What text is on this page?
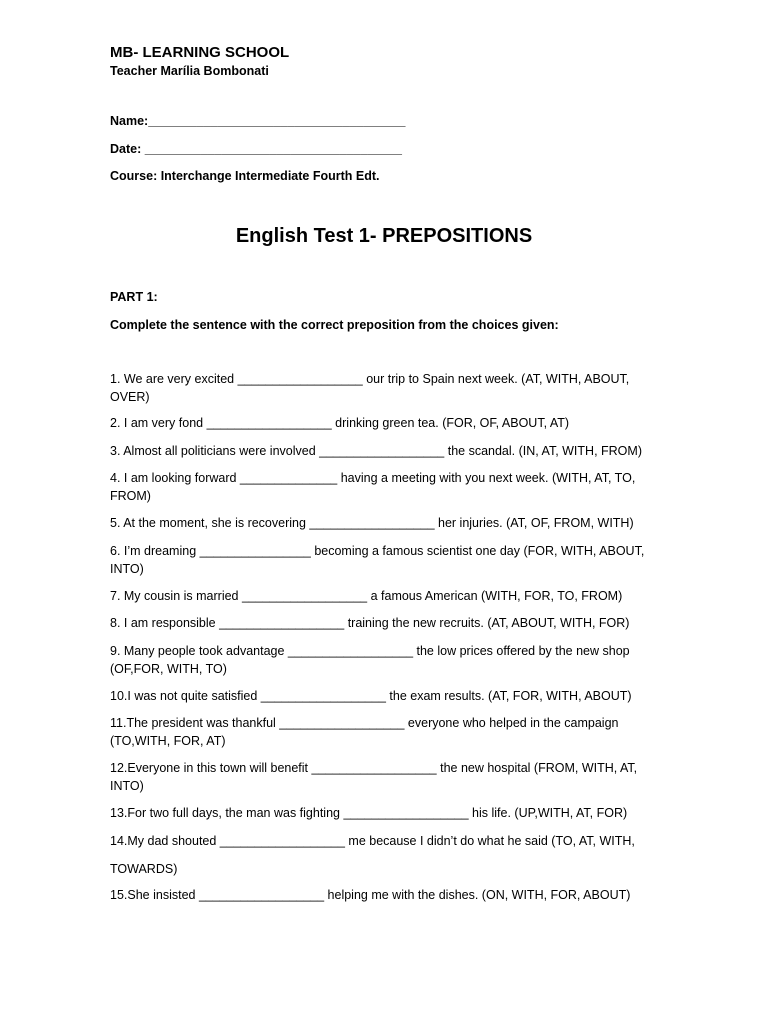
MB- LEARNING SCHOOL
Teacher Marília Bombonati
Name:_____________________________________
Date: _____________________________________
Course: Interchange Intermediate Fourth Edt.
English Test 1- PREPOSITIONS
PART 1:
Complete the sentence with the correct preposition from the choices given:
1. We are very excited __________________ our trip to Spain next week. (AT, WITH, ABOUT, OVER)
2. I am very fond __________________ drinking green tea. (FOR, OF, ABOUT, AT)
3. Almost all politicians were involved __________________ the scandal. (IN, AT, WITH, FROM)
4. I am looking forward ______________ having a meeting with you next week. (WITH, AT, TO, FROM)
5. At the moment, she is recovering __________________ her injuries. (AT, OF, FROM, WITH)
6. I’m dreaming ________________ becoming a famous scientist one day (FOR, WITH, ABOUT, INTO)
7. My cousin is married __________________ a famous American (WITH, FOR, TO, FROM)
8. I am responsible __________________ training the new recruits. (AT, ABOUT, WITH, FOR)
9. Many people took advantage __________________ the low prices offered by the new shop (OF,FOR, WITH, TO)
10.I was not quite satisfied __________________ the exam results. (AT, FOR, WITH, ABOUT)
11.The president was thankful __________________ everyone who helped in the campaign (TO,WITH, FOR, AT)
12.Everyone in this town will benefit __________________ the new hospital (FROM, WITH, AT, INTO)
13.For two full days, the man was fighting __________________ his life. (UP,WITH, AT, FOR)
14.My dad shouted __________________ me because I didn’t do what he said (TO, AT, WITH, TOWARDS)
15.She insisted __________________ helping me with the dishes. (ON, WITH, FOR, ABOUT)
